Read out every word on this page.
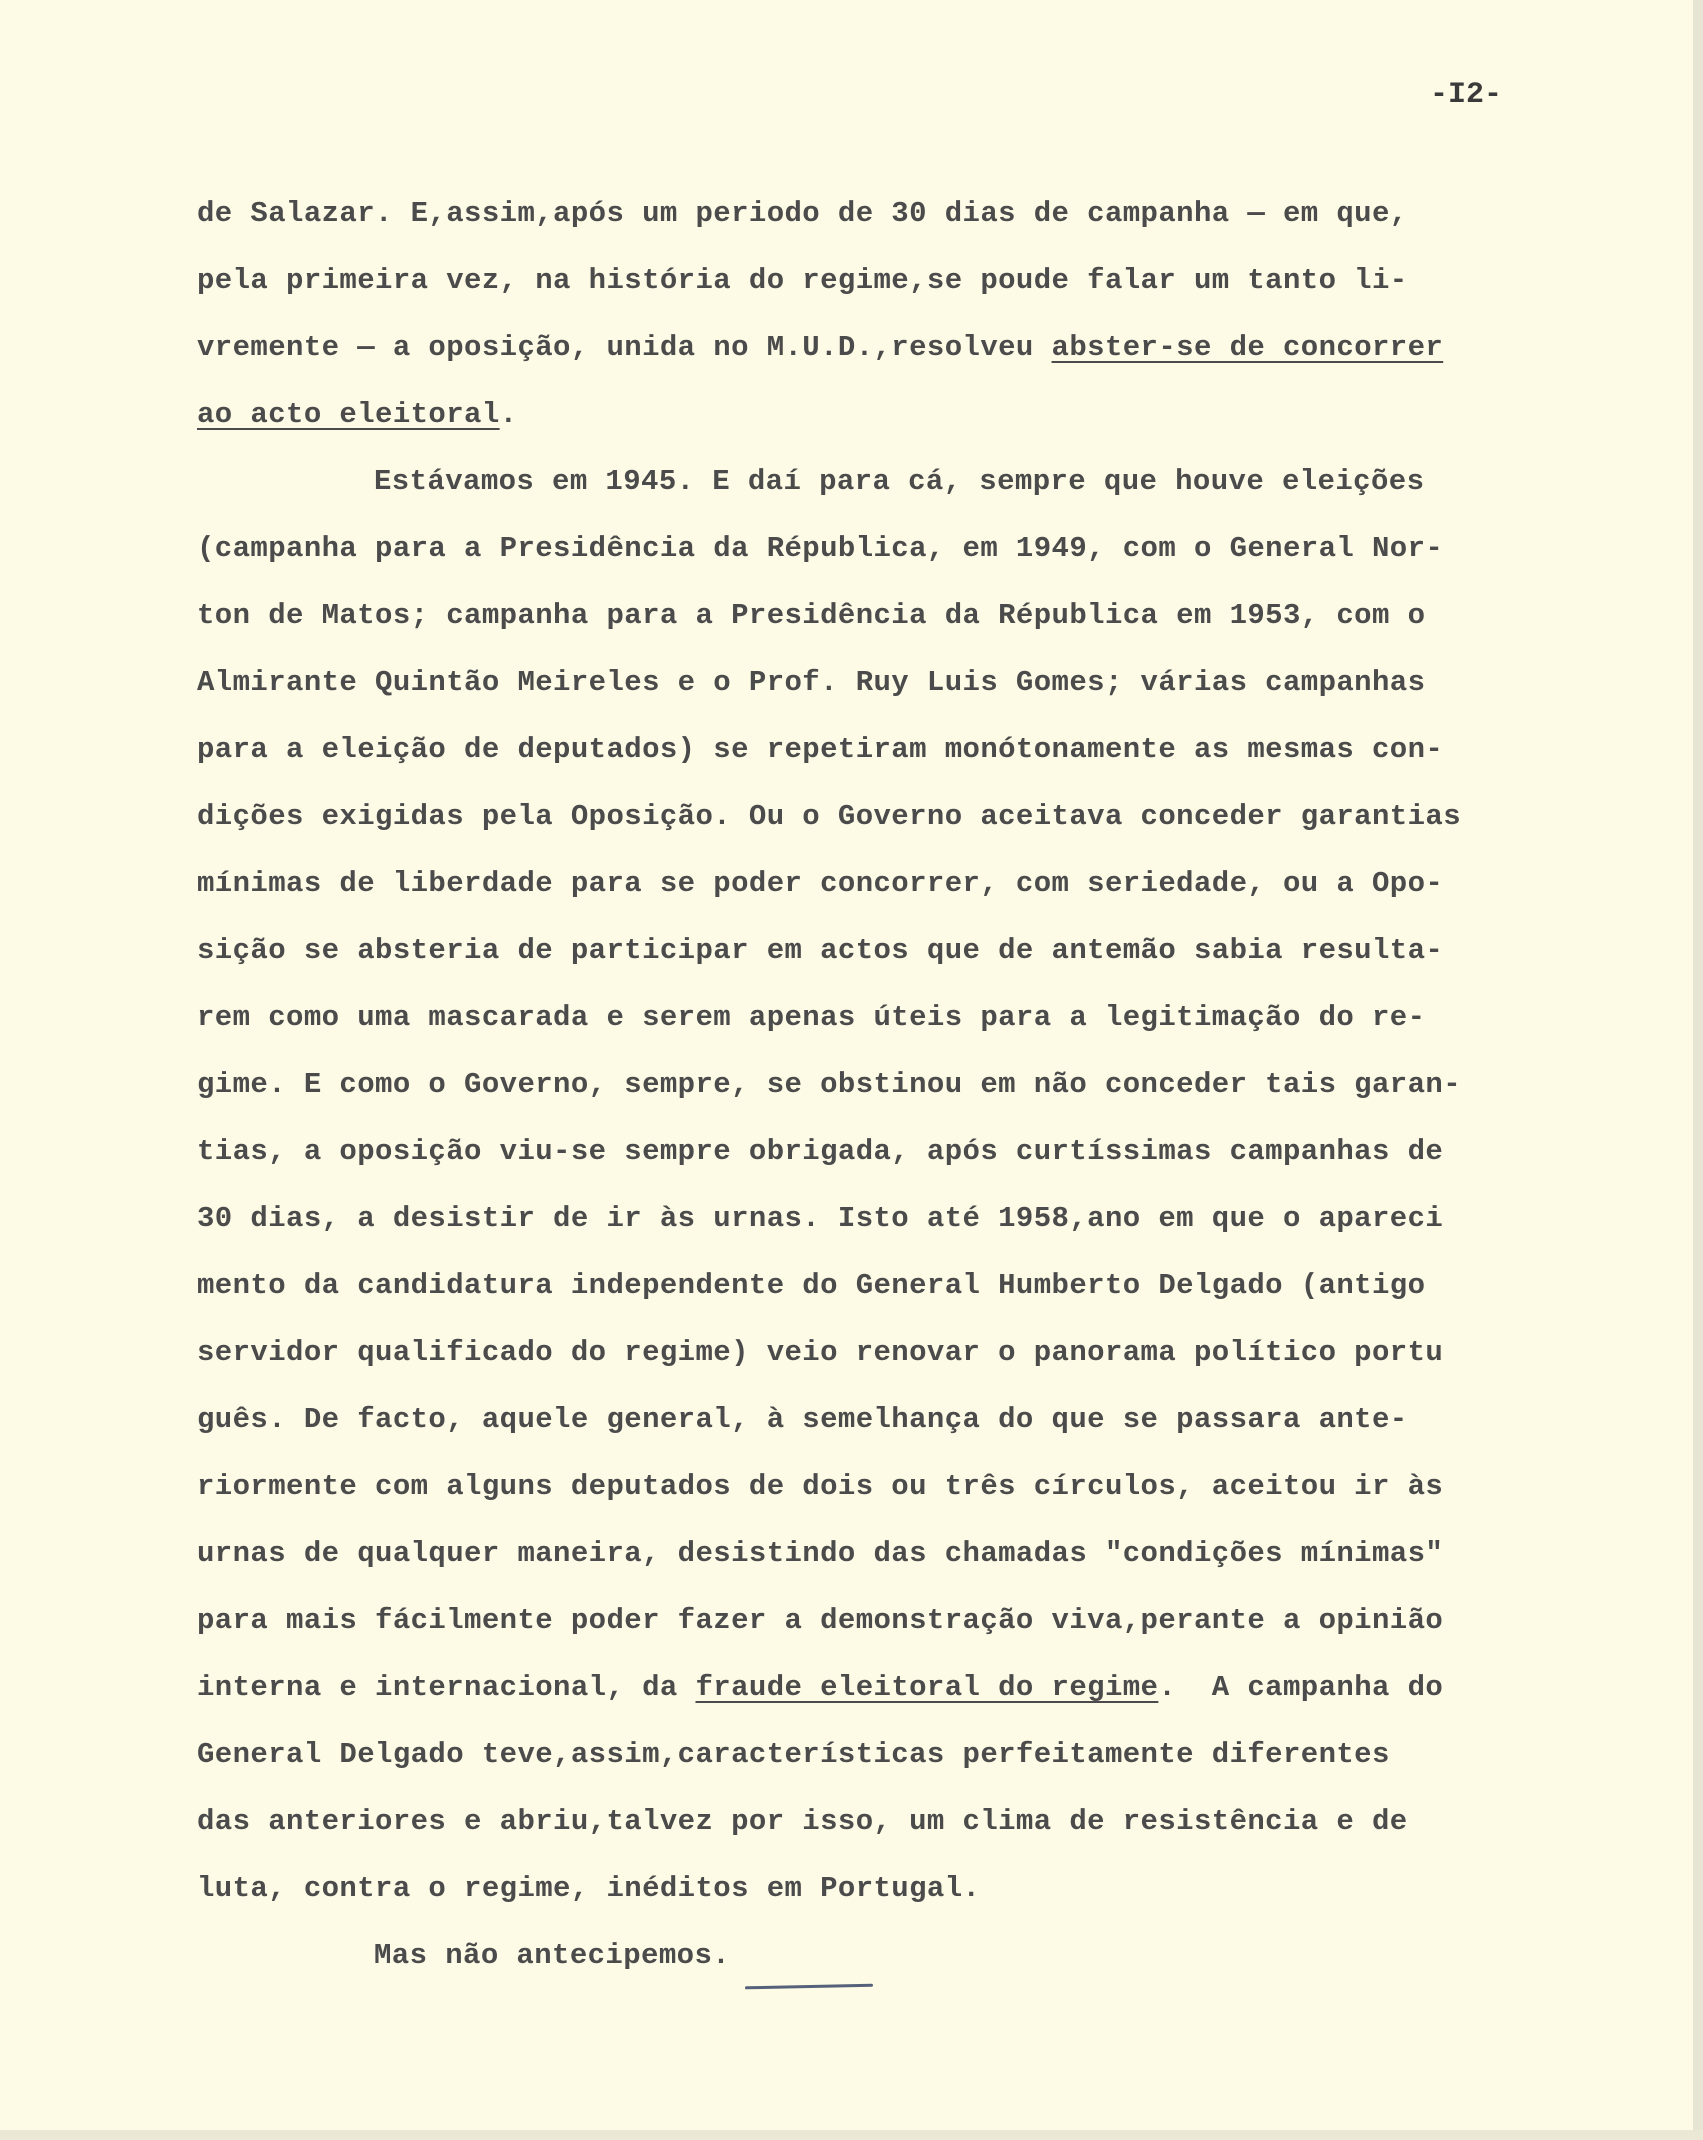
-I2-
de Salazar. E,assim,após um periodo de 30 dias de campanha — em que,
pela primeira vez, na história do regime,se poude falar um tanto li-
vremente — a oposição, unida no M.U.D.,resolveu abster-se de concorrer
ao acto eleitoral.
Estávamos em 1945. E daí para cá, sempre que houve eleições
(campanha para a Presidência da Républica, em 1949, com o General Nor-
ton de Matos; campanha para a Presidência da Républica em 1953, com o
Almirante Quintão Meireles e o Prof. Ruy Luis Gomes; várias campanhas
para a eleição de deputados) se repetiram monótonamente as mesmas con-
dições exigidas pela Oposição. Ou o Governo aceitava conceder garantias
mínimas de liberdade para se poder concorrer, com seriedade, ou a Opo-
sição se absteria de participar em actos que de antemão sabia resulta-
rem como uma mascarada e serem apenas úteis para a legitimação do re-
gime. E como o Governo, sempre, se obstinou em não conceder tais garan-
tias, a oposição viu-se sempre obrigada, após curtíssimas campanhas de
30 dias, a desistir de ir às urnas. Isto até 1958,ano em que o apareci
mento da candidatura independente do General Humberto Delgado (antigo
servidor qualificado do regime) veio renovar o panorama político portu
guês. De facto, aquele general, à semelhança do que se passara ante-
riormente com alguns deputados de dois ou três círculos, aceitou ir às
urnas de qualquer maneira, desistindo das chamadas "condições mínimas"
para mais fácilmente poder fazer a demonstração viva,perante a opinião
interna e internacional, da fraude eleitoral do regime.  A campanha do
General Delgado teve,assim,características perfeitamente diferentes
das anteriores e abriu,talvez por isso, um clima de resistência e de
luta, contra o regime, inéditos em Portugal.
Mas não antecipemos.
